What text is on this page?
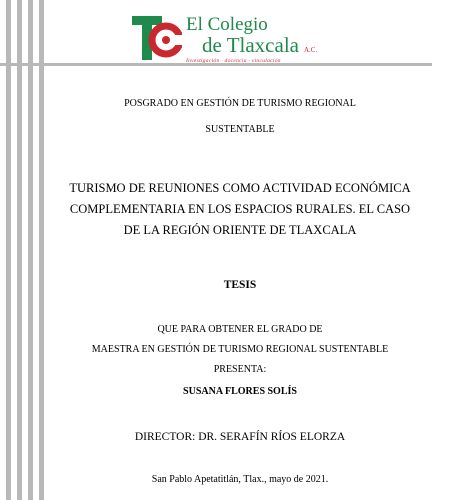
El Colegio
de Tlaxcala A.C.
Investigación · docencia · vinculación
POSGRADO EN GESTIÓN DE TURISMO REGIONAL
SUSTENTABLE
TURISMO DE REUNIONES COMO ACTIVIDAD ECONÓMICA
COMPLEMENTARIA EN LOS ESPACIOS RURALES. EL CASO
DE LA REGIÓN ORIENTE DE TLAXCALA
TESIS
QUE PARA OBTENER EL GRADO DE
MAESTRA EN GESTIÓN DE TURISMO REGIONAL SUSTENTABLE
PRESENTA:
SUSANA FLORES SOLÍS
DIRECTOR: DR. SERAFÍN RÍOS ELORZA
San Pablo Apetatitlán, Tlax., mayo de 2021.
